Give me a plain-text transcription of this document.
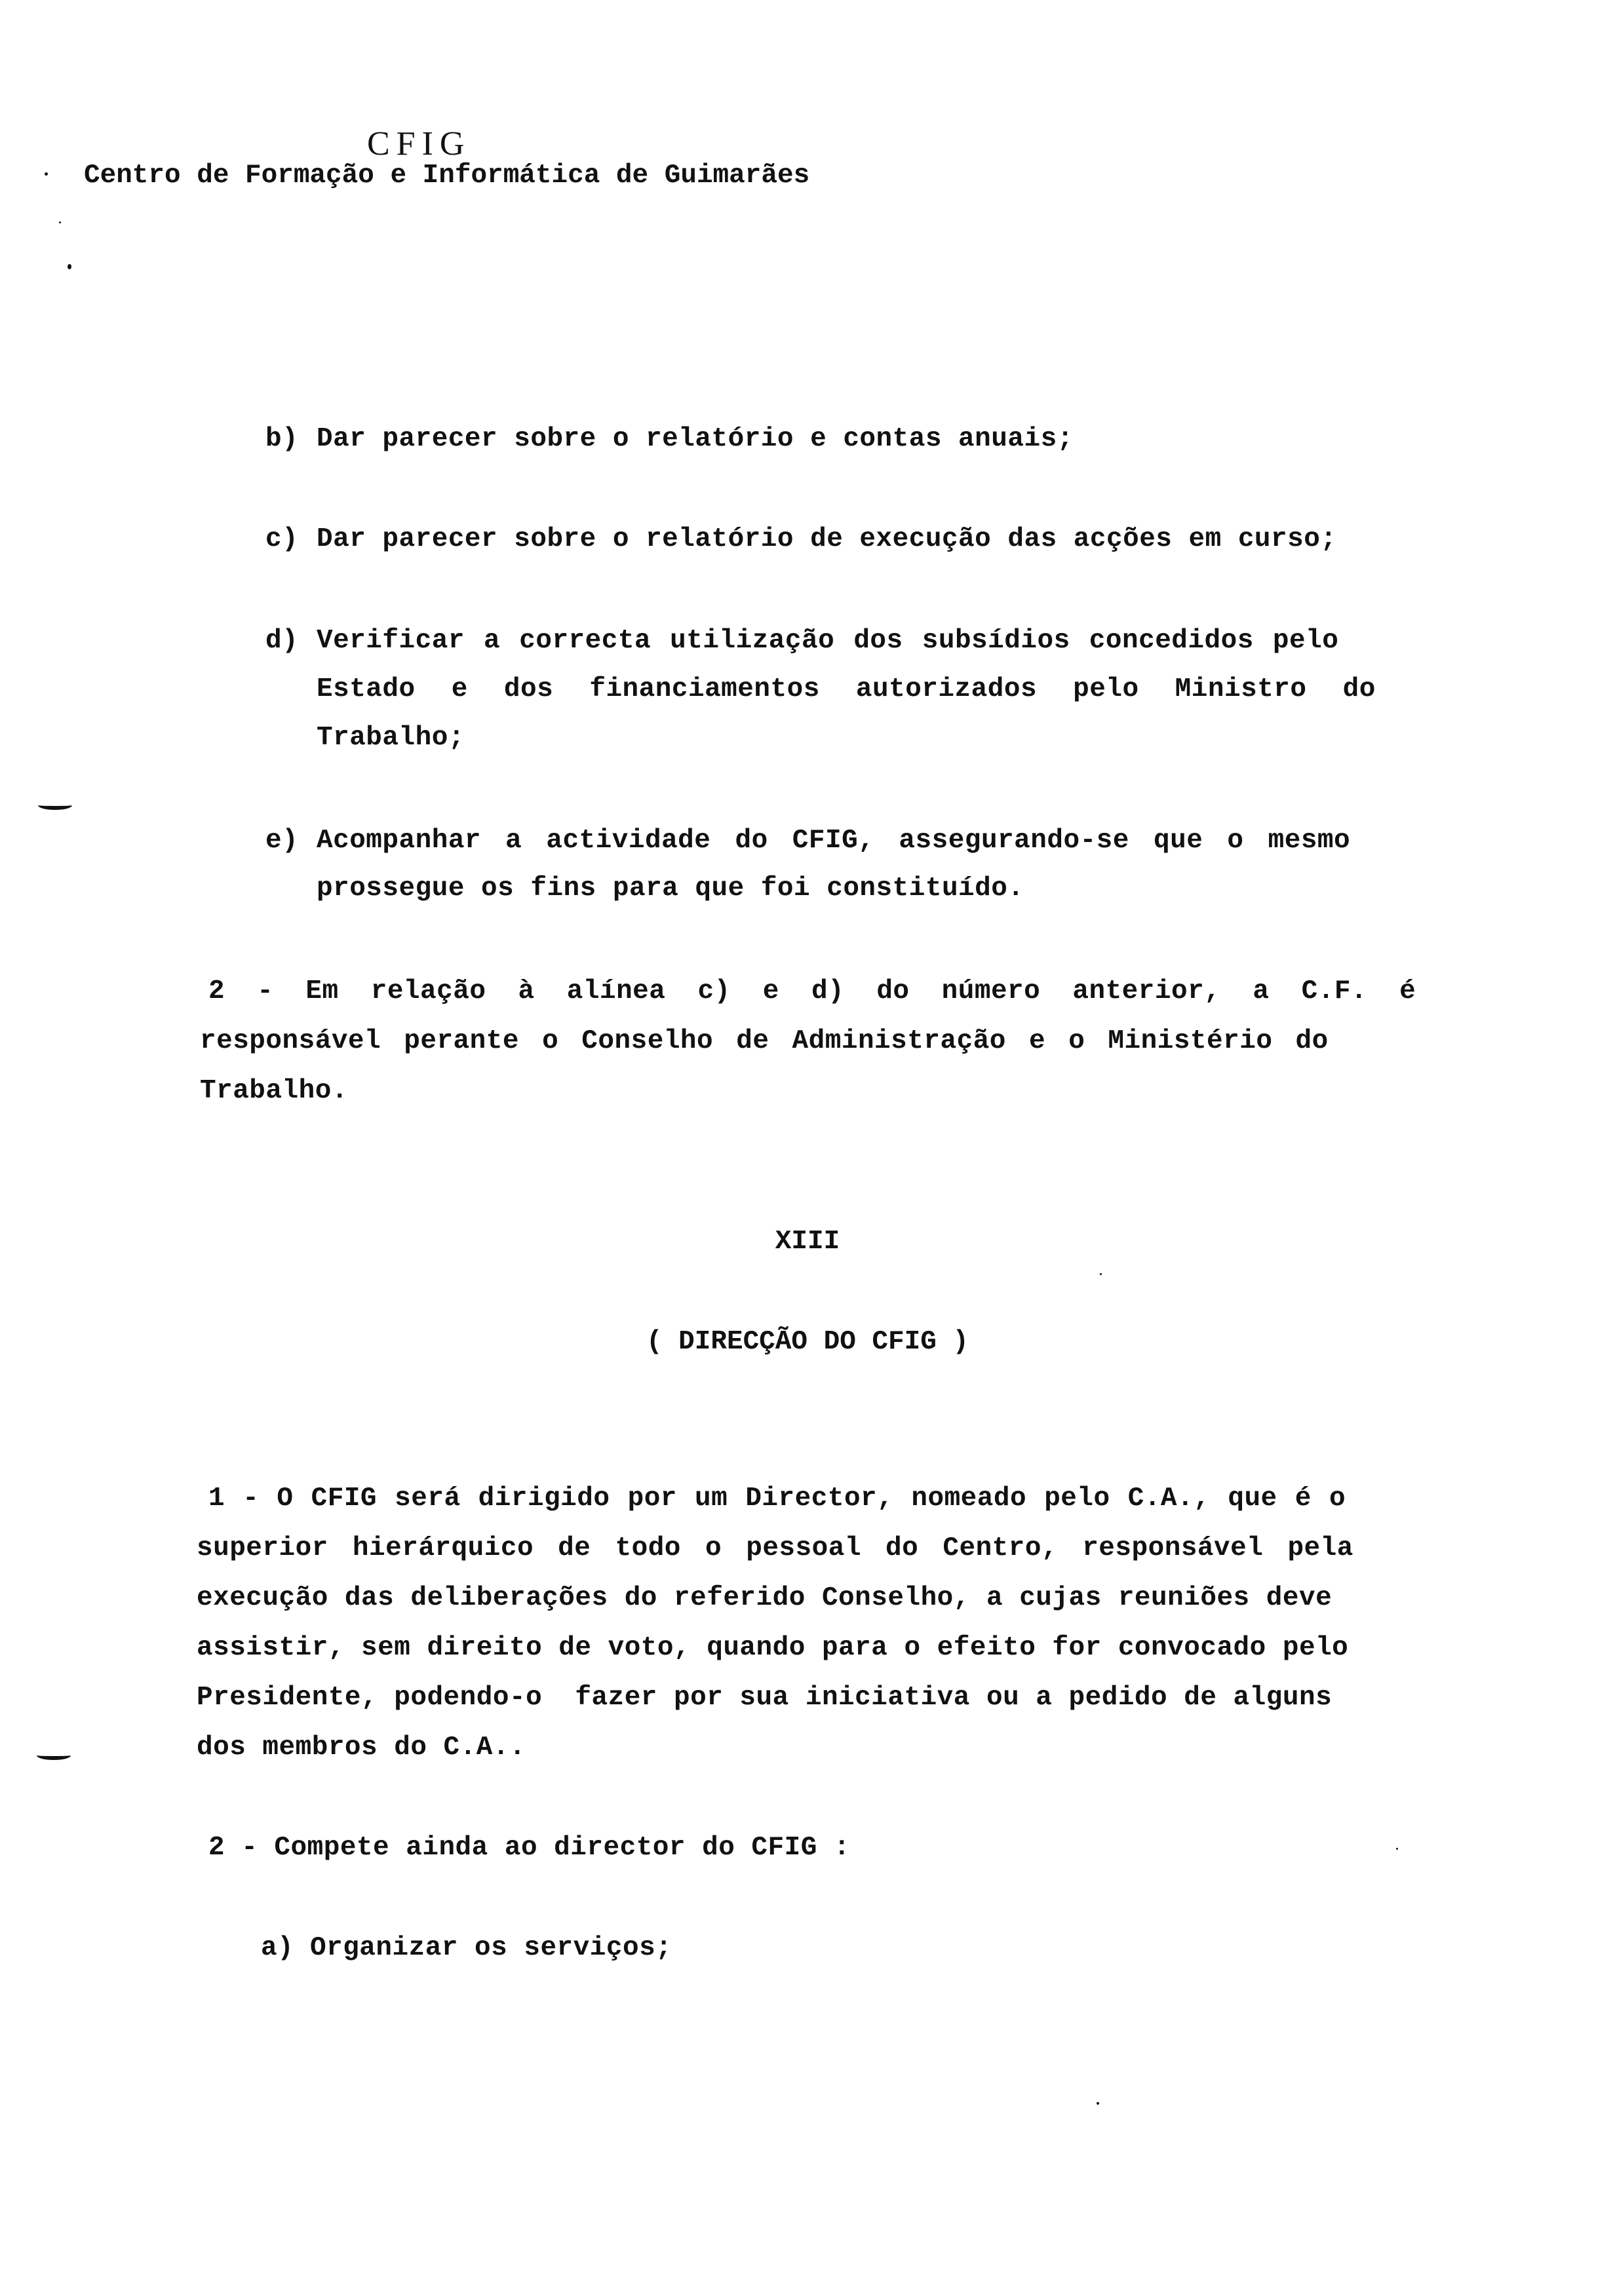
CFIG
Centro de Formação e Informática de Guimarães
b) Dar parecer sobre o relatório e contas anuais;
c) Dar parecer sobre o relatório de execução das acções em curso;
d) Verificar a correcta utilização dos subsídios concedidos pelo
Estado e dos financiamentos autorizados pelo Ministro do
Trabalho;
e) Acompanhar a actividade do CFIG, assegurando-se que o mesmo
prossegue os fins para que foi constituído.
2 - Em relação à alínea c) e d) do número anterior, a C.F. é
responsável perante o Conselho de Administração e o Ministério do
Trabalho.
XIII
( DIRECÇÃO DO CFIG )
1 - O CFIG será dirigido por um Director, nomeado pelo C.A., que é o
superior hierárquico de todo o pessoal do Centro, responsável pela
execução das deliberações do referido Conselho, a cujas reuniões deve
assistir, sem direito de voto, quando para o efeito for convocado pelo
Presidente, podendo-o  fazer por sua iniciativa ou a pedido de alguns
dos membros do C.A..
2 - Compete ainda ao director do CFIG :
a) Organizar os serviços;
